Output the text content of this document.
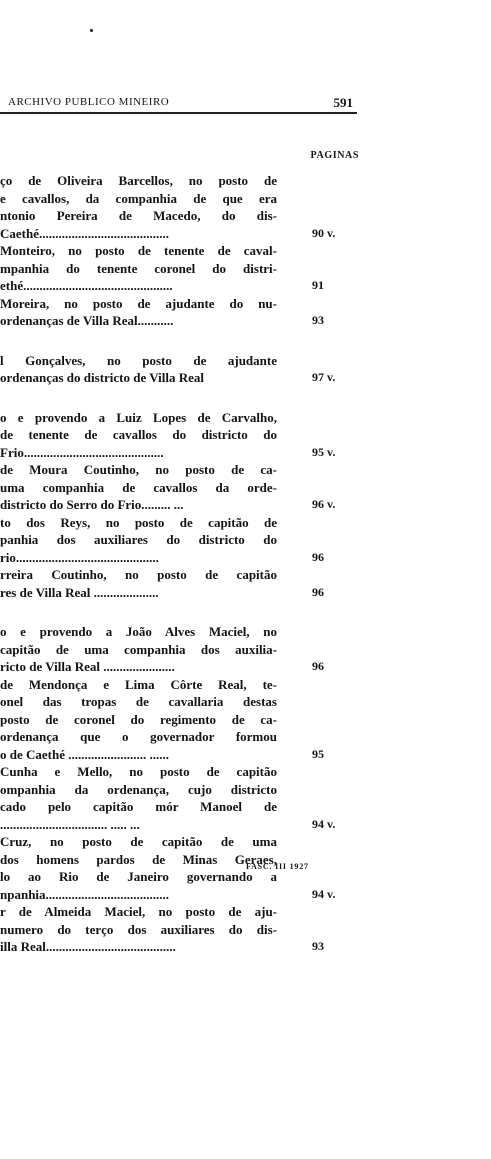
ARCHIVO PUBLICO MINEIRO	591
PAGINAS
ço de Oliveira Barcellos, no posto de
e cavallos, da companhia de que era
ntonio Pereira de Macedo, do dis-
Caethé........................................	90 v.
Monteiro, no posto de tenente de caval-
mpanhia do tenente coronel do distri-
ethé..............................................	91
Moreira, no posto de ajudante do nu-
ordenanças de Villa Real...........	93
l Gonçalves, no posto de ajudante
ordenanças do districto de Villa Real	97 v.
o e provendo a Luiz Lopes de Carvalho,
de tenente de cavallos do districto do
Frio...........................................	95 v.
de Moura Coutinho, no posto de ca-
uma companhia de cavallos da orde-
districto do Serro do Frio......... ...	96 v.
to dos Reys, no posto de capitão de
panhia dos auxiliares do districto do
rio............................................	96
rreira Coutinho, no posto de capitão
res de Villa Real ....................	96
o e provendo a João Alves Maciel, no
capitão de uma companhia dos auxilia-
ricto de Villa Real ......................	96
de Mendonça e Lima Côrte Real, te-
onel das tropas de cavallaria destas
posto de coronel do regimento de ca-
ordenança que o governador formou
o de Caethé ........................ ......	95
Cunha e Mello, no posto de capitão
ompanhia da ordenança, cujo districto
cado pelo capitão mór Manoel de
................................. ..... ...	94 v.
Cruz, no posto de capitão de uma
dos homens pardos de Minas Geraes,
lo ao Rio de Janeiro governando a
npanhia......................................	94 v.
r de Almeida Maciel, no posto de aju-
numero do terço dos auxiliares do dis-
illa Real........................................	93
FASC. III 1927
